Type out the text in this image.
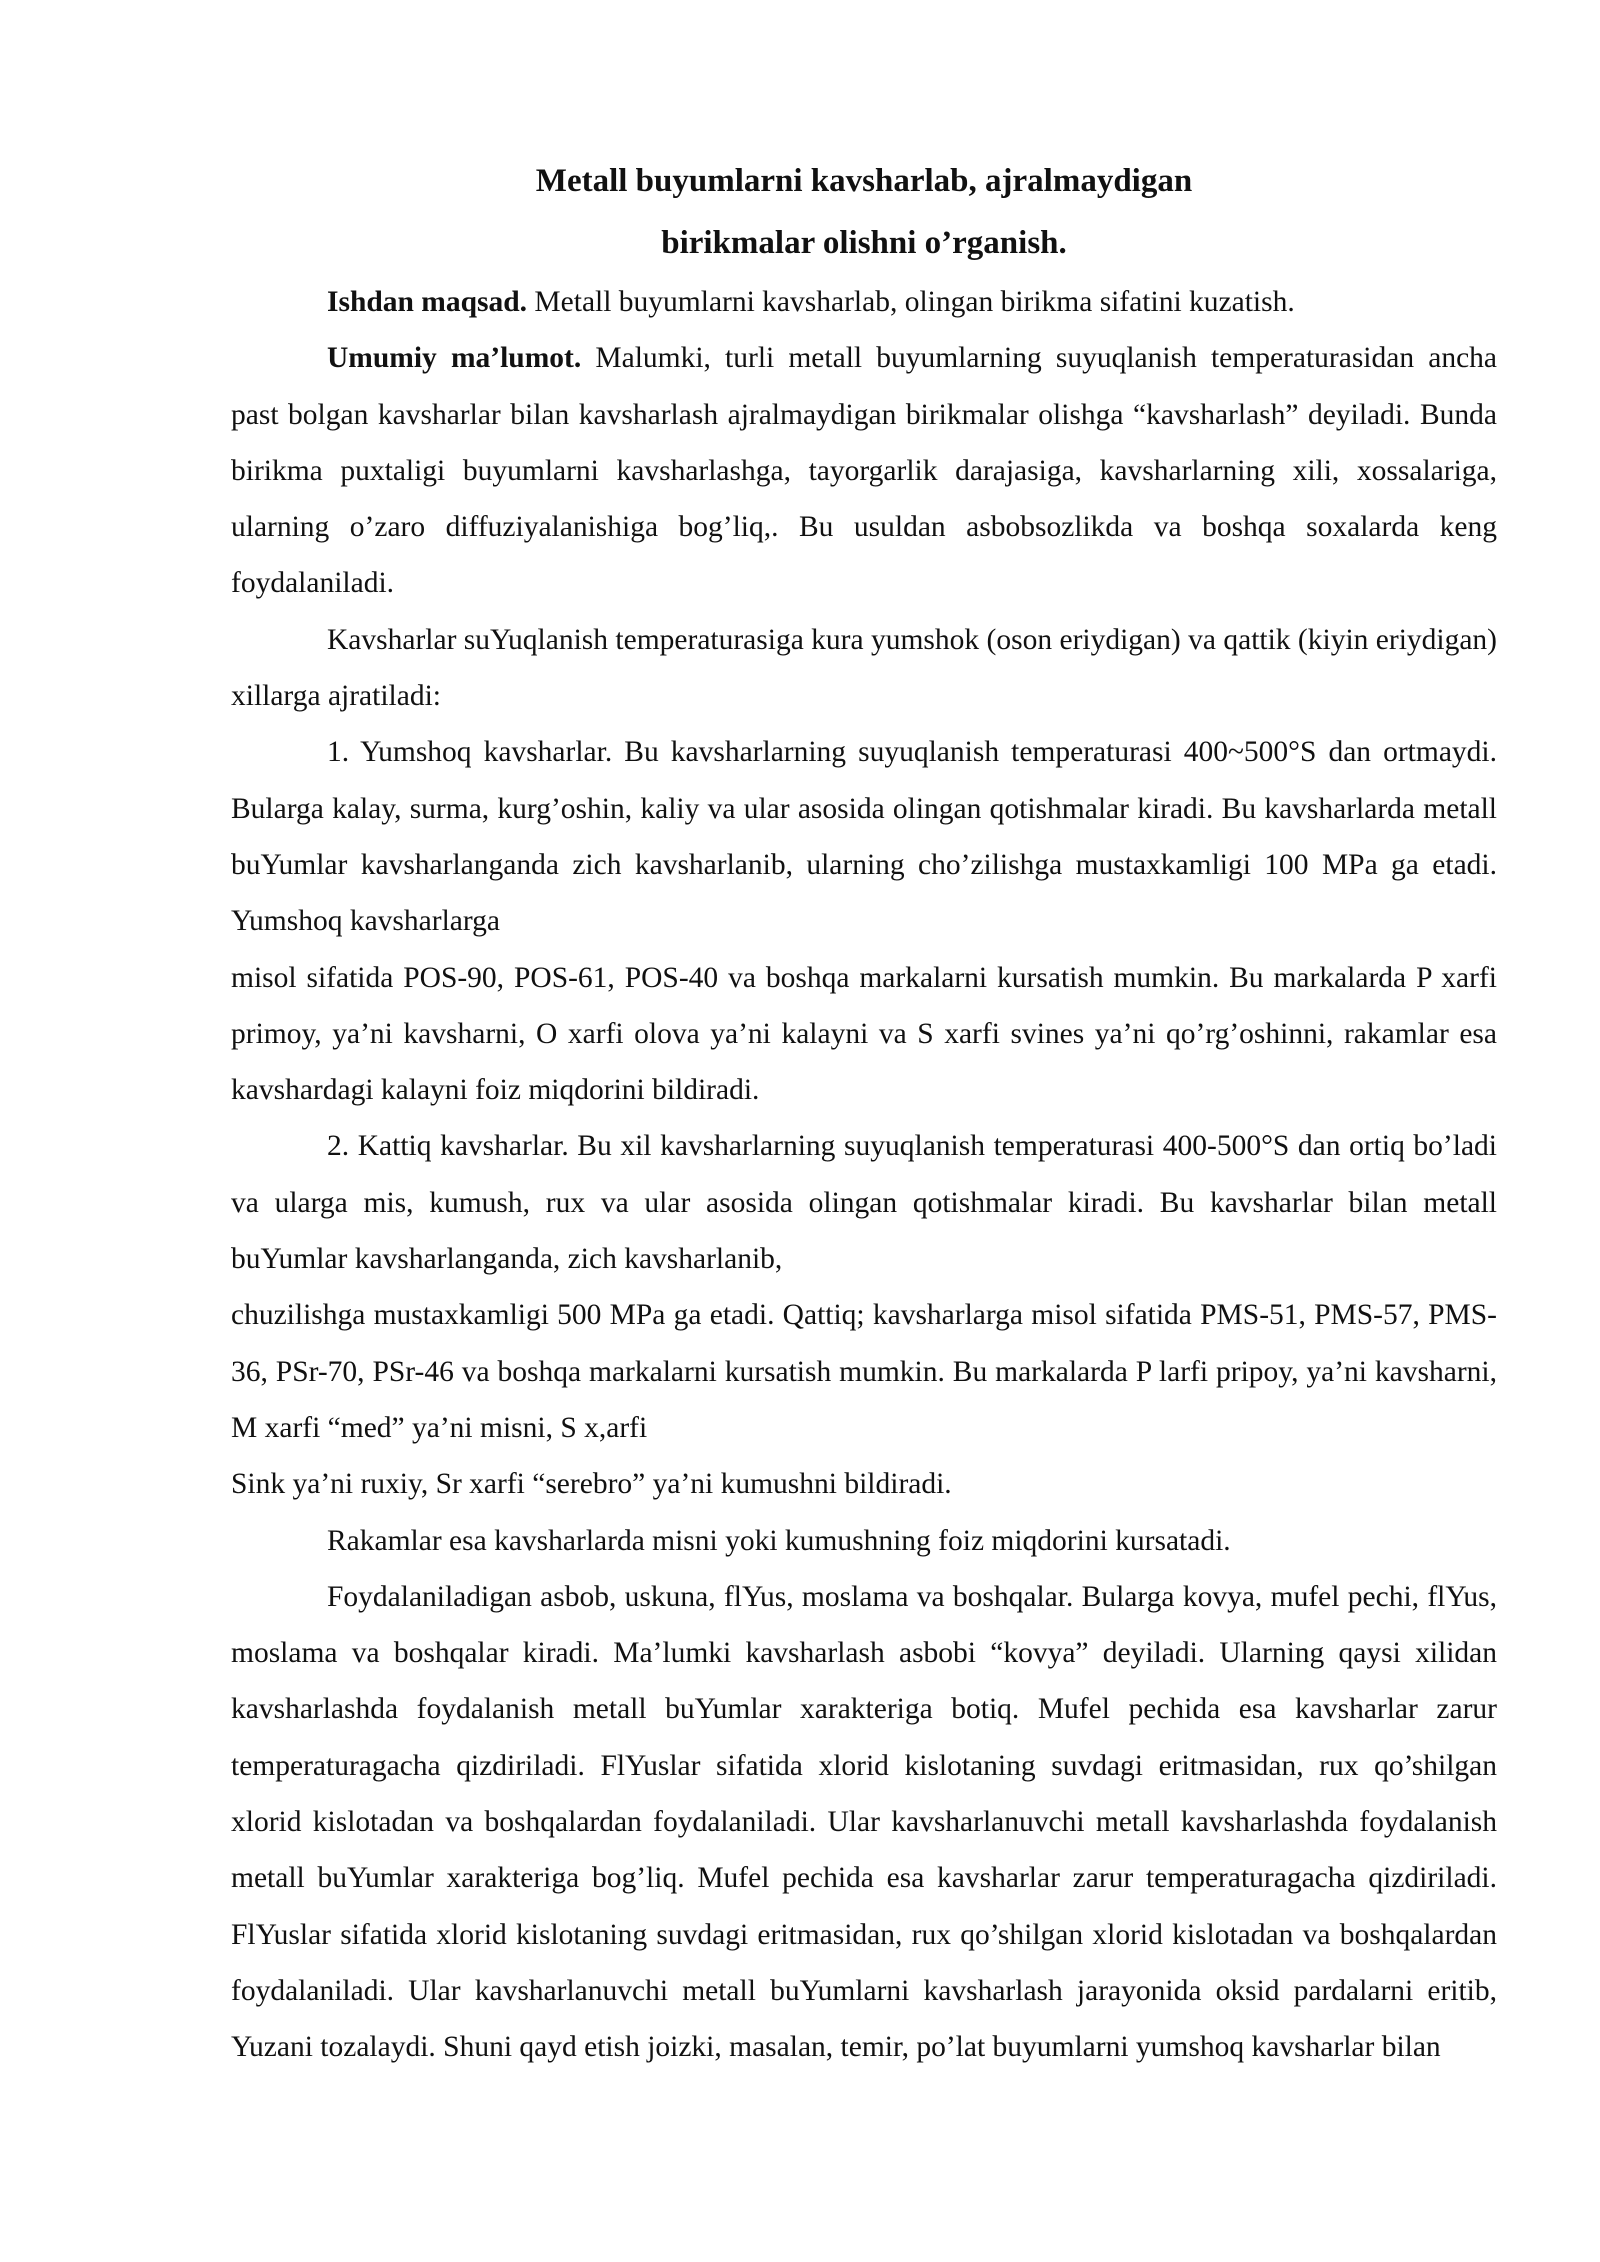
Metall buyumlarni kavsharlab, ajralmaydigan
birikmalar olishni o’rganish.

Ishdan maqsad. Metall buyumlarni kavsharlab, olingan birikma sifatini kuzatish.

Umumiy ma’lumot. Malumki, turli metall buyumlarning suyuqlanish temperaturasidan ancha past bolgan kavsharlar bilan kavsharlash ajralmaydigan birikmalar olishga “kavsharlash” deyiladi. Bunda birikma puxtaligi buyumlarni kavsharlashga, tayorgarlik darajasiga, kavsharlarning xili, xossalariga, ularning o’zaro diffuziyalanishiga bog’liq,. Bu usuldan asbobsozlikda va boshqa soxalarda keng foydalaniladi.

Kavsharlar suYuqlanish temperaturasiga kura yumshok (oson eriydigan) va qattik (kiyin eriydigan) xillarga ajratiladi:

1. Yumshoq kavsharlar. Bu kavsharlarning suyuqlanish temperaturasi 400~500°S dan ortmaydi. Bularga kalay, surma, kurg’oshin, kaliy va ular asosida olingan qotishmalar kiradi. Bu kavsharlarda metall buYumlar kavsharlanganda zich kavsharlanib, ularning cho’zilishga mustaxkamligi 100 MPa ga etadi. Yumshoq kavsharlarga

misol sifatida POS-90, POS-61, POS-40 va boshqa markalarni kursatish mumkin. Bu markalarda P xarfi primoy, ya’ni kavsharni, O xarfi olova ya’ni kalayni va S xarfi svines ya’ni qo’rg’oshinni, rakamlar esa kavshardagi kalayni foiz miqdorini bildiradi.

2. Kattiq kavsharlar. Bu xil kavsharlarning suyuqlanish temperaturasi 400-500°S dan ortiq bo’ladi va ularga mis, kumush, rux va ular asosida olingan qotishmalar kiradi. Bu kavsharlar bilan metall buYumlar kavsharlanganda, zich kavsharlanib,

chuzilishga mustaxkamligi 500 MPa ga etadi. Qattiq; kavsharlarga misol sifatida PMS-51, PMS-57, PMS-36, PSr-70, PSr-46 va boshqa markalarni kursatish mumkin. Bu markalarda P larfi pripoy, ya’ni kavsharni, M xarfi “med” ya’ni misni, S x,arfi

Sink ya’ni ruxiy, Sr xarfi “serebro” ya’ni kumushni bildiradi.

Rakamlar esa kavsharlarda misni yoki kumushning foiz miqdorini kursatadi.

Foydalaniladigan asbob, uskuna, flYus, moslama va boshqalar. Bularga kovya, mufel pechi, flYus, moslama va boshqalar kiradi. Ma’lumki kavsharlash asbobi “kovya” deyiladi. Ularning qaysi xilidan kavsharlashda foydalanish metall buYumlar xarakteriga botiq. Mufel pechida esa kavsharlar zarur temperaturagacha qizdiriladi. FlYuslar sifatida xlorid kislotaning suvdagi eritmasidan, rux qo’shilgan xlorid kislotadan va boshqalardan foydalaniladi. Ular kavsharlanuvchi metall kavsharlashda foydalanish metall buYumlar xarakteriga bog’liq. Mufel pechida esa kavsharlar zarur temperaturagacha qizdiriladi. FlYuslar sifatida xlorid kislotaning suvdagi eritmasidan, rux qo’shilgan xlorid kislotadan va boshqalardan foydalaniladi. Ular kavsharlanuvchi metall buYumlarni kavsharlash jarayonida oksid pardalarni eritib, Yuzani tozalaydi. Shuni qayd etish joizki, masalan, temir, po’lat buyumlarni yumshoq kavsharlar bilan
